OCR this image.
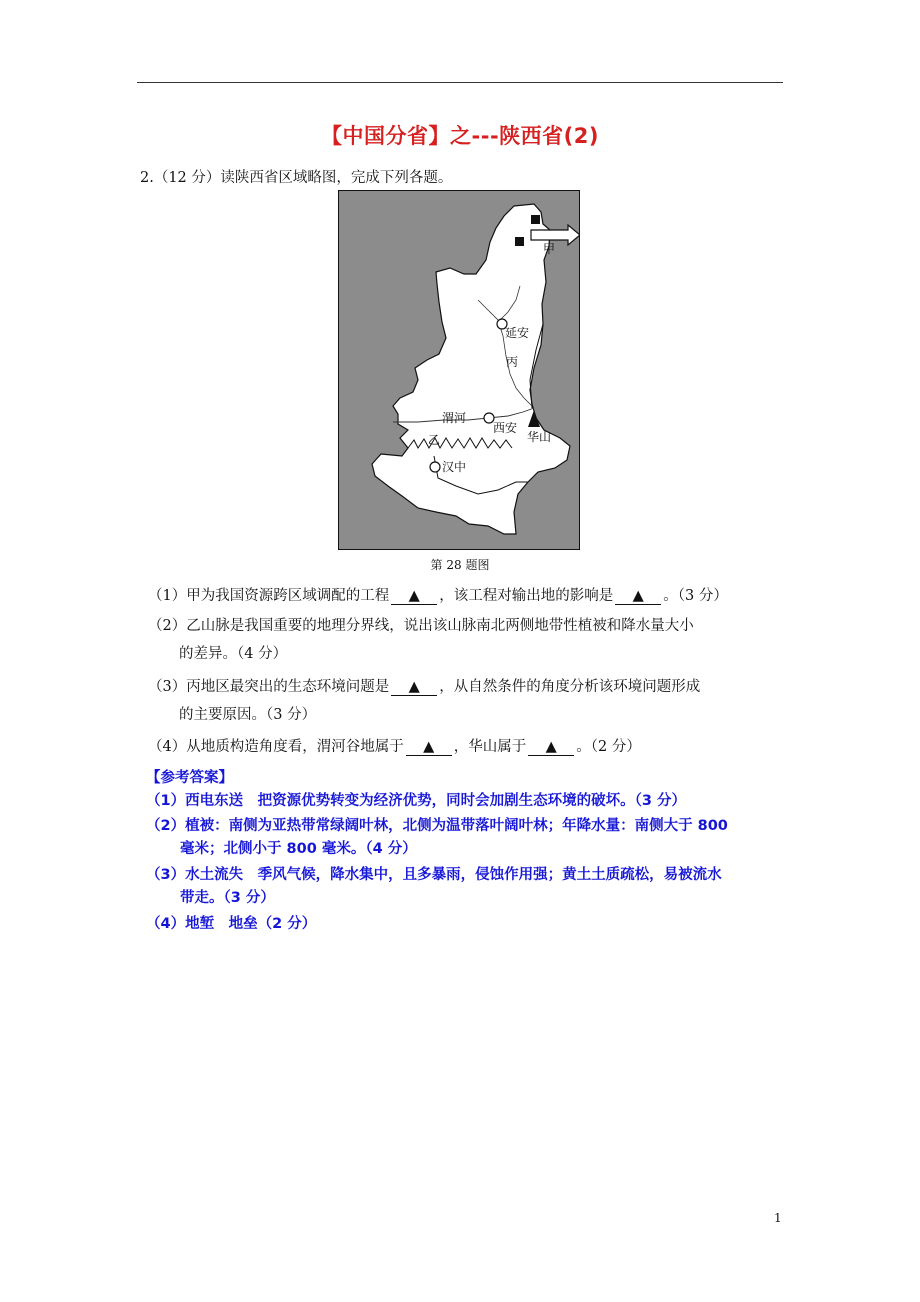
【中国分省】之---陕西省(2)
2.（12 分）读陕西省区域略图，完成下列各题。
甲
延安
丙
渭河
西安
华山
乙
汉中
第 28 题图
（1）甲为我国资源跨区域调配的工程 ▲ ，该工程对输出地的影响是 ▲ 。（3 分）
（2）乙山脉是我国重要的地理分界线，说出该山脉南北两侧地带性植被和降水量大小
的差异。（4 分）
（3）丙地区最突出的生态环境问题是 ▲ ，从自然条件的角度分析该环境问题形成
的主要原因。（3 分）
（4）从地质构造角度看，渭河谷地属于 ▲ ，华山属于 ▲ 。（2 分）
【参考答案】
（1）西电东送　把资源优势转变为经济优势，同时会加剧生态环境的破坏。（3 分）
（2）植被：南侧为亚热带常绿阔叶林，北侧为温带落叶阔叶林；年降水量：南侧大于 800
毫米；北侧小于 800 毫米。（4 分）
（3）水土流失　季风气候，降水集中，且多暴雨，侵蚀作用强；黄土土质疏松，易被流水
带走。（3 分）
（4）地堑　地垒（2 分）
1
